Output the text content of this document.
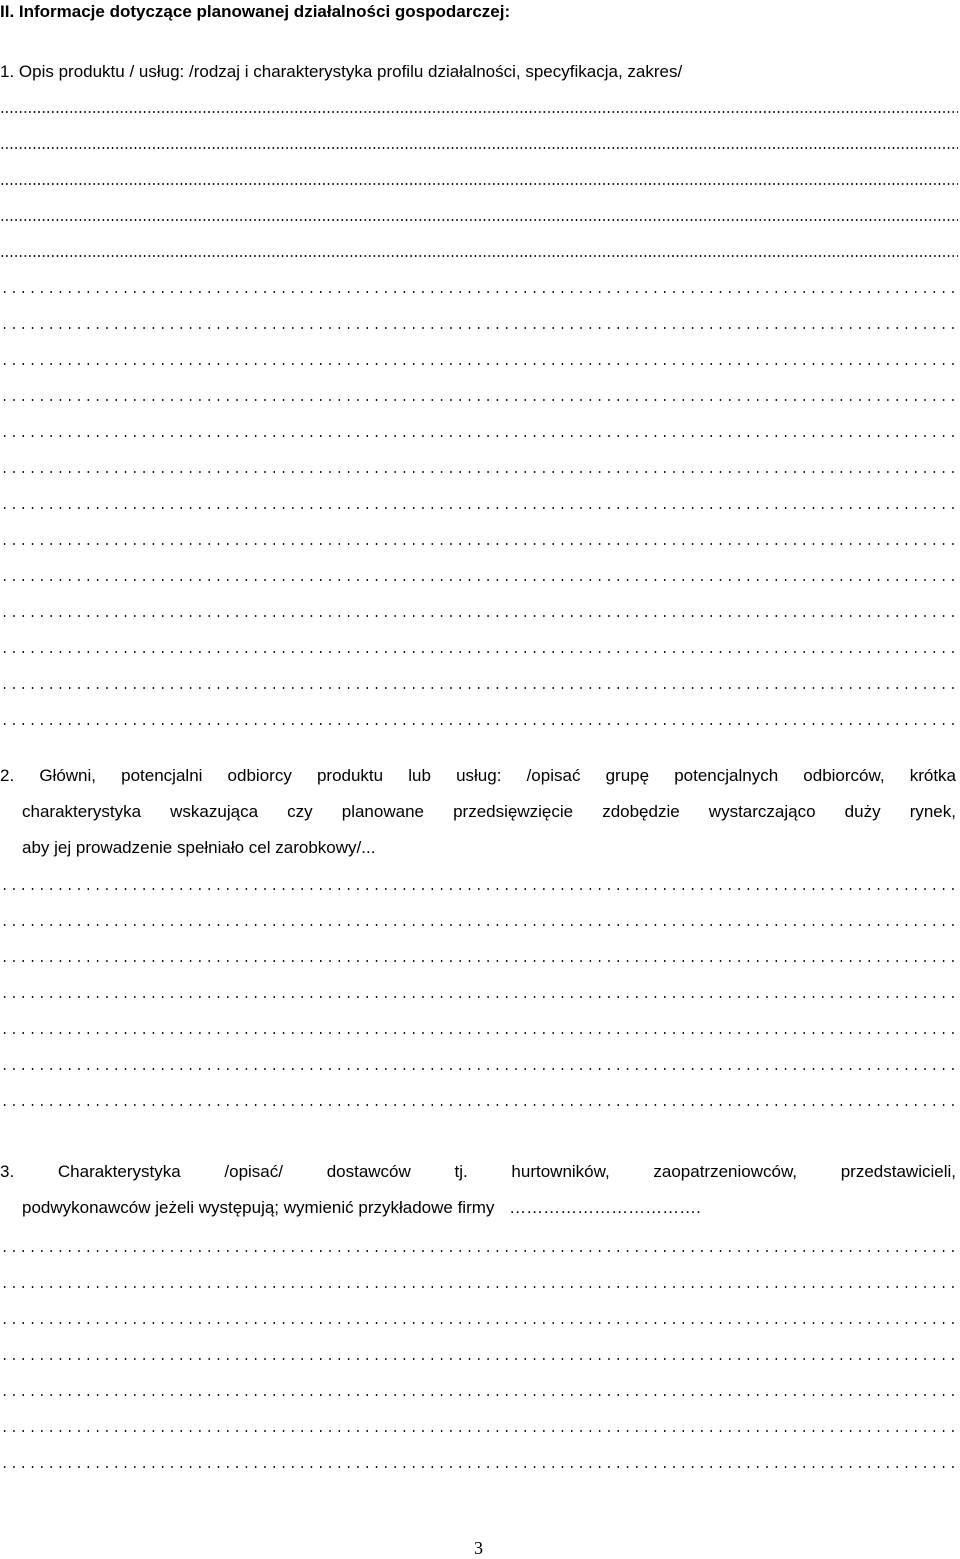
II. Informacje dotyczące planowanej działalności gospodarczej:
1. Opis produktu / usług: /rodzaj i charakterystyka profilu działalności, specyfikacja, zakres/
2. Główni, potencjalni odbiorcy produktu lub usług: /opisać grupę potencjalnych odbiorców, krótka
charakterystyka wskazująca czy planowane przedsięwzięcie zdobędzie wystarczająco duży rynek,
aby jej prowadzenie spełniało cel zarobkowy/...
3. Charakterystyka /opisać/ dostawców tj. hurtowników, zaopatrzeniowców, przedstawicieli,
podwykonawców jeżeli występują; wymienić przykładowe firmy …………………………….
3
